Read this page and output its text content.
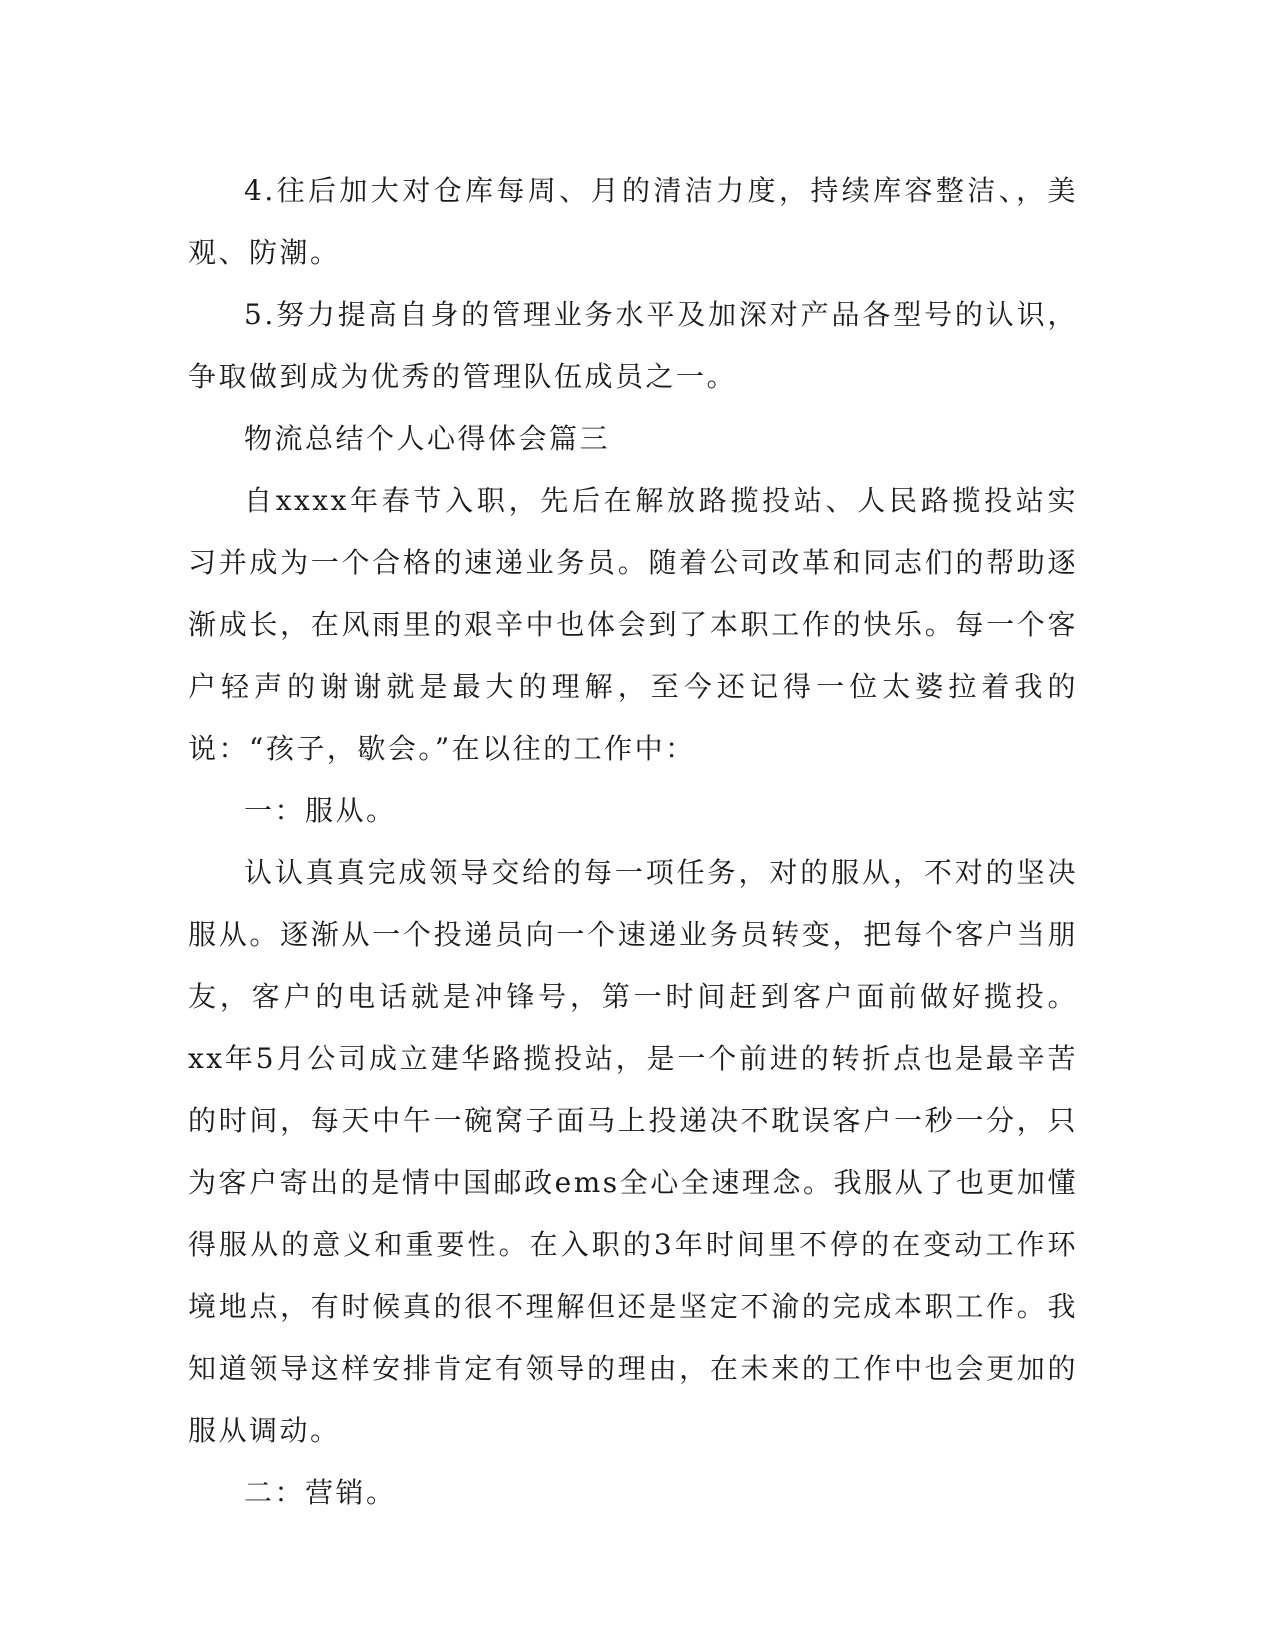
4.往后加大对仓库每周、月的清洁力度，持续库容整洁、，美观、防潮。

5.努力提高自身的管理业务水平及加深对产品各型号的认识，争取做到成为优秀的管理队伍成员之一。

物流总结个人心得体会篇三

自xxxx年春节入职，先后在解放路揽投站、人民路揽投站实习并成为一个合格的速递业务员。随着公司改革和同志们的帮助逐渐成长，在风雨里的艰辛中也体会到了本职工作的快乐。每一个客户轻声的谢谢就是最大的理解，至今还记得一位太婆拉着我的说：“孩子，歇会。”在以往的工作中：

一：服从。

认认真真完成领导交给的每一项任务，对的服从，不对的坚决服从。逐渐从一个投递员向一个速递业务员转变，把每个客户当朋友，客户的电话就是冲锋号，第一时间赶到客户面前做好揽投。xx年5月公司成立建华路揽投站，是一个前进的转折点也是最辛苦的时间，每天中午一碗窝子面马上投递决不耽误客户一秒一分，只为客户寄出的是情中国邮政ems全心全速理念。我服从了也更加懂得服从的意义和重要性。在入职的3年时间里不停的在变动工作环境地点，有时候真的很不理解但还是坚定不渝的完成本职工作。我知道领导这样安排肯定有领导的理由，在未来的工作中也会更加的服从调动。

二：营销。
